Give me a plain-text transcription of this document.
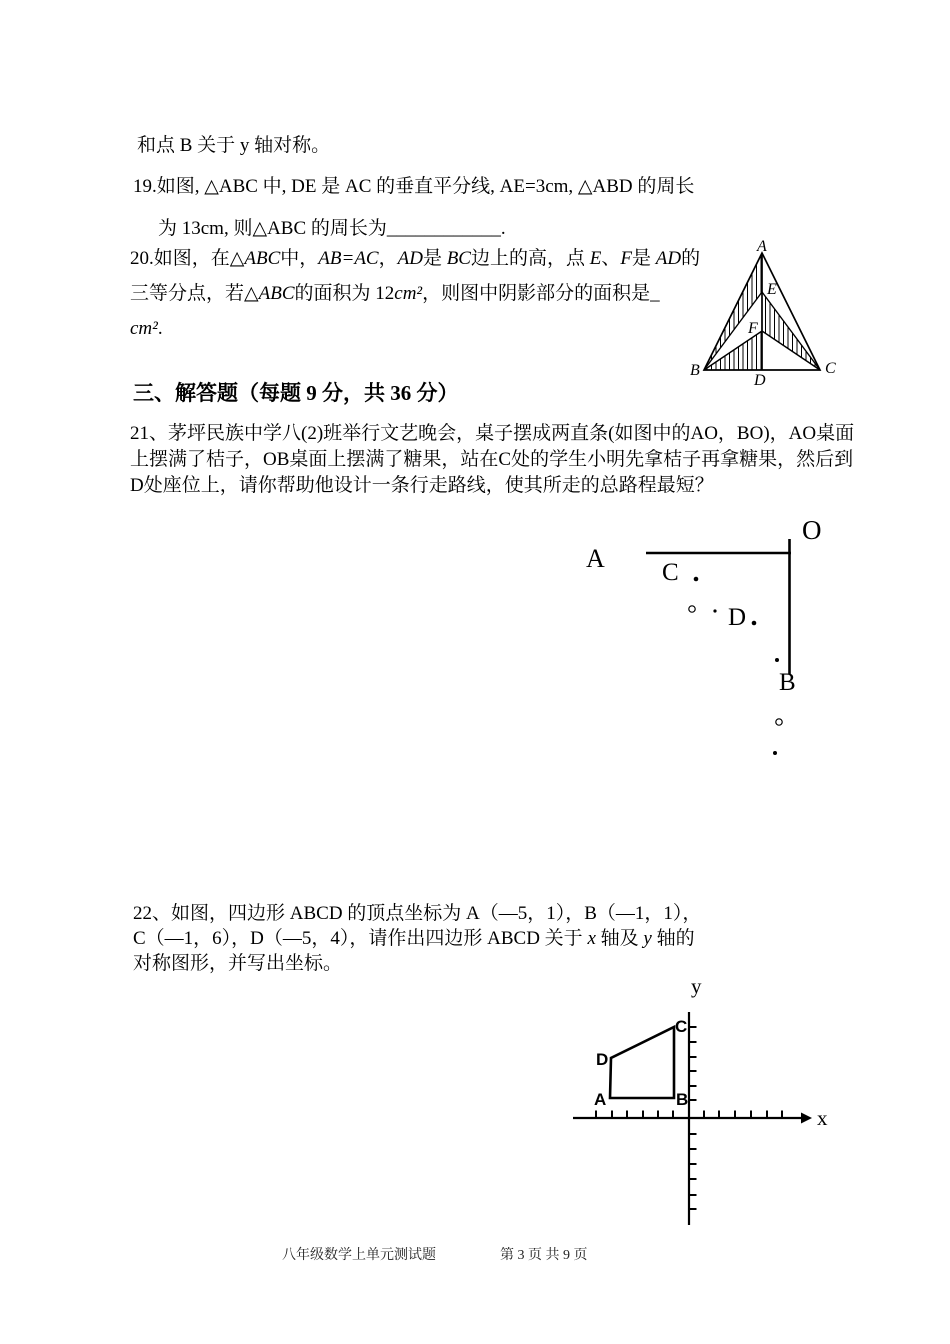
和点 B 关于 y 轴对称。
19.如图, △ABC 中, DE 是 AC 的垂直平分线, AE=3cm, △ABD 的周长
为 13cm, 则△ABC 的周长为____________.
20.如图，在△ABC中，AB=AC，AD是 BC边上的高，点 E、F是 AD的
三等分点，若△ABC的面积为 12cm²，则图中阴影部分的面积是_
cm².
A
E
F
B
D
C
三、解答题（每题 9 分，共 36 分）
21、茅坪民族中学八(2)班举行文艺晚会，桌子摆成两直条(如图中的AO，BO)，AO桌面
上摆满了桔子，OB桌面上摆满了糖果，站在C处的学生小明先拿桔子再拿糖果，然后到
D处座位上，请你帮助他设计一条行走路线，使其所走的总路程最短？
A
O
C
D
B
22、如图，四边形 ABCD 的顶点坐标为 A（—5，1），B（—1，1），
C（—1，6），D（—5，4），请作出四边形 ABCD 关于 x 轴及 y 轴的
对称图形，并写出坐标。
y
x
A	B
C
D
八年级数学上单元测试题	第 3 页 共 9 页
